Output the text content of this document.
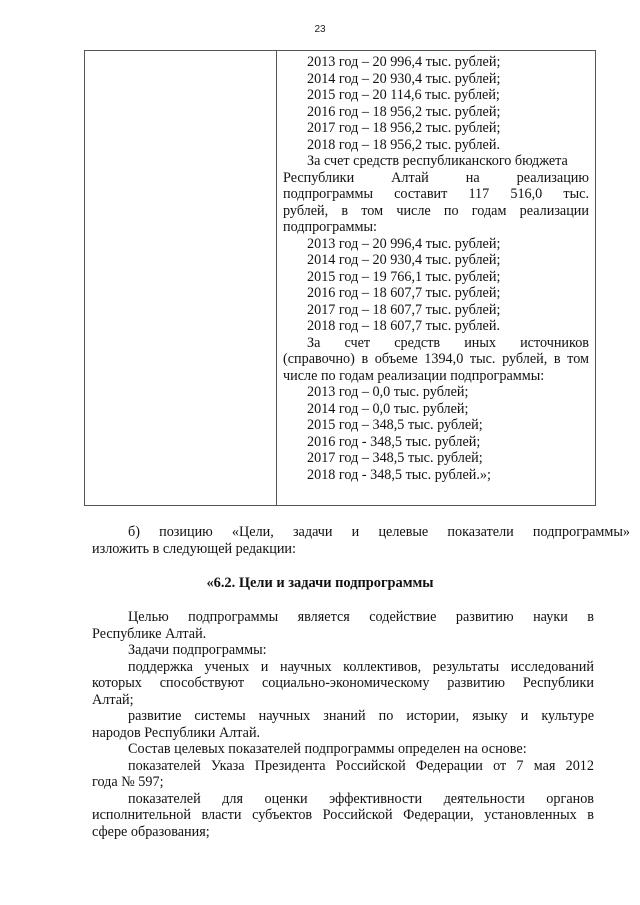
23
2013 год – 20 996,4 тыс. рублей;
2014 год – 20 930,4 тыс. рублей;
2015 год – 20 114,6 тыс. рублей;
2016 год – 18 956,2 тыс. рублей;
2017 год – 18 956,2 тыс. рублей;
2018 год – 18 956,2 тыс. рублей.
За счет средств республиканского бюджета
Республики Алтай на реализацию
подпрограммы составит 117 516,0 тыс.
рублей, в том числе по годам реализации
подпрограммы:
2013 год – 20 996,4 тыс. рублей;
2014 год – 20 930,4 тыс. рублей;
2015 год – 19 766,1 тыс. рублей;
2016 год – 18 607,7 тыс. рублей;
2017 год – 18 607,7 тыс. рублей;
2018 год – 18 607,7 тыс. рублей.
За счет средств иных источников
(справочно) в объеме 1394,0 тыс. рублей, в том
числе по годам реализации подпрограммы:
2013 год – 0,0 тыс. рублей;
2014 год – 0,0 тыс. рублей;
2015 год – 348,5 тыс. рублей;
2016 год - 348,5 тыс. рублей;
2017 год – 348,5 тыс. рублей;
2018 год - 348,5 тыс. рублей.»;
б) позицию «Цели, задачи и целевые показатели подпрограммы»
изложить в следующей редакции:
«6.2. Цели и задачи подпрограммы
Целью подпрограммы является содействие развитию науки в
Республике Алтай.
Задачи подпрограммы:
поддержка ученых и научных коллективов, результаты исследований
которых способствуют социально-экономическому развитию Республики
Алтай;
развитие системы научных знаний по истории, языку и культуре
народов Республики Алтай.
Состав целевых показателей подпрограммы определен на основе:
показателей Указа Президента Российской Федерации от 7 мая 2012
года № 597;
показателей для оценки эффективности деятельности органов
исполнительной власти субъектов Российской Федерации, установленных в
сфере образования;
